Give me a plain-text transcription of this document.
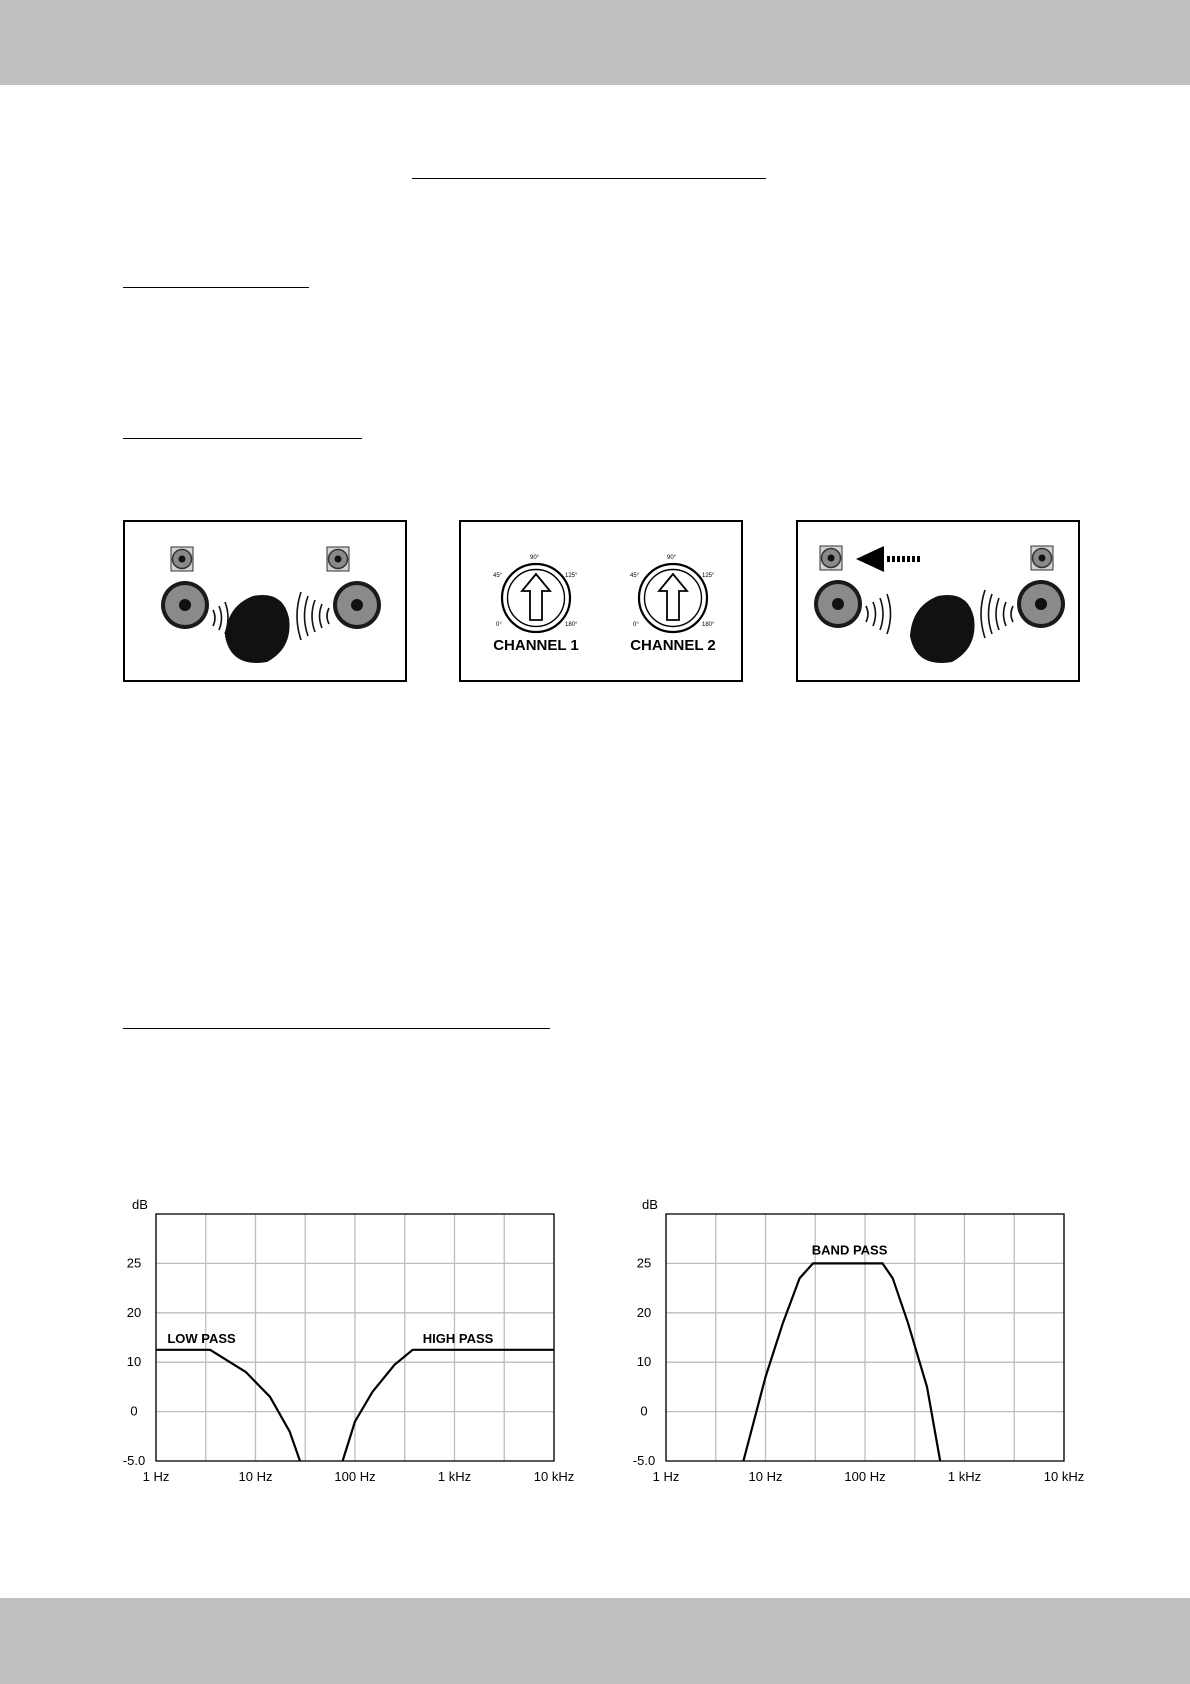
90°
45°	125°
0°	180°
90°
45°	125°
0°	180°
CHANNEL 1	CHANNEL 2
dB
25
20
10
0
-5.0
1 Hz	10 Hz	100 Hz	1 kHz	10 kHz
LOW PASS	HIGH PASS
dB
25
20
10
0
-5.0
1 Hz	10 Hz	100 Hz	1 kHz	10 kHz
BAND PASS
